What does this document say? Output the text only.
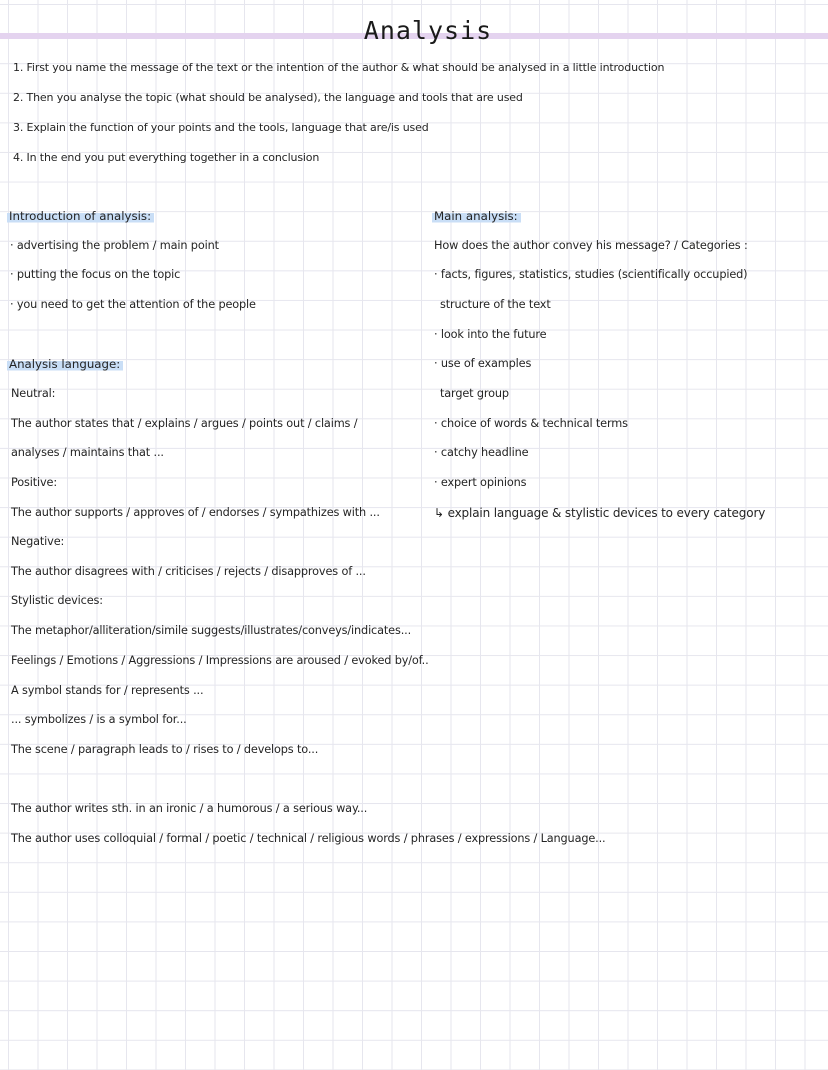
Analysis
1. First you name the message of the text or the intention of the author & what should be analysed in a little introduction
2. Then you analyse the topic (what should be analysed), the language and tools that are used
3. Explain the function of your points and the tools, language that are/is used
4. In the end you put everything together in a conclusion
Introduction of analysis:
· advertising the problem / main point
· putting the focus on the topic
· you need to get the attention of the people
Analysis language:
Neutral:
The author states that / explains / argues / points out / claims /
analyses / maintains that ...
Positive:
The author supports / approves of / endorses / sympathizes with ...
Negative:
The author disagrees with / criticises / rejects / disapproves of ...
Stylistic devices:
The metaphor/alliteration/simile suggests/illustrates/conveys/indicates...
Feelings / Emotions / Aggressions / Impressions are aroused / evoked by/of..
A symbol stands for / represents ...
... symbolizes / is a symbol for...
The scene / paragraph leads to / rises to / develops to...
Main analysis:
How does the author convey his message? / Categories :
· facts, figures, statistics, studies (scientifically occupied)
structure of the text
· look into the future
· use of examples
target group
· choice of words & technical terms
· catchy headline
· expert opinions
↳ explain language & stylistic devices to every category
The author writes sth. in an ironic / a humorous / a serious way...
The author uses colloquial / formal / poetic / technical / religious words / phrases / expressions / Language...
